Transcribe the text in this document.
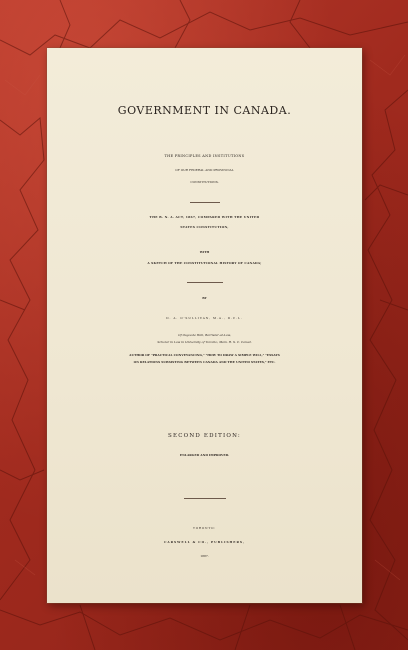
GOVERNMENT IN CANADA.
THE PRINCIPLES AND INSTITUTIONS
OF OUR FEDERAL AND PROVINCIAL
CONSTITUTIONS.
THE B. N. A. ACT, 1867, COMPARED WITH THE UNITED
STATES CONSTITUTION,
WITH
A SKETCH OF THE CONSTITUTIONAL HISTORY OF CANADA;
BY
D. A. O'SULLIVAN, M.A., D.C.L.
Of Osgoode Hall, Barrister-at-Law,
Scholar in Law in University of Toronto, Mem. R. S. C. Canad.
AUTHOR OF "PRACTICAL CONVEYANCING," "HOW TO DRAW A SIMPLE WILL," "ESSAYS
ON RELATIONS SUBSISTING BETWEEN CANADA AND THE UNITED STATES," ETC.
SECOND EDITION:
ENLARGED AND IMPROVED.
TORONTO:
CARSWELL & CO., PUBLISHERS,
1887.
